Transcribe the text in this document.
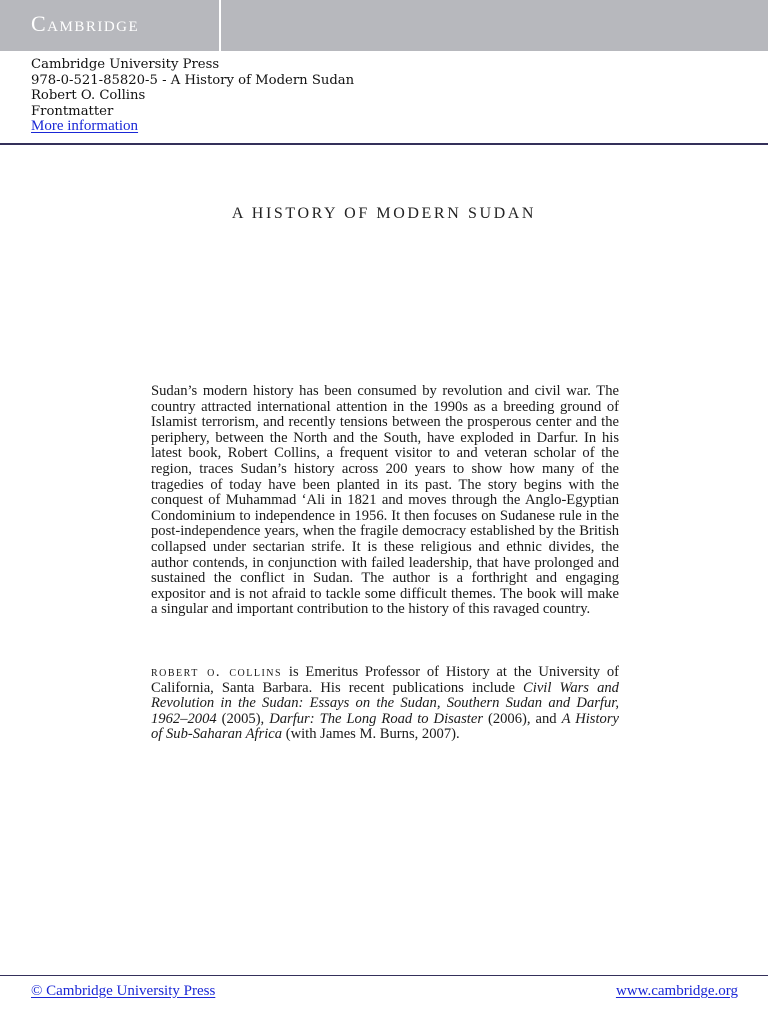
Cambridge
Cambridge University Press
978-0-521-85820-5 - A History of Modern Sudan
Robert O. Collins
Frontmatter
More information
A HISTORY OF MODERN SUDAN
Sudan’s modern history has been consumed by revolution and civil war. The country attracted international attention in the 1990s as a breeding ground of Islamist terrorism, and recently tensions between the prosperous center and the periphery, between the North and the South, have exploded in Darfur. In his latest book, Robert Collins, a frequent visitor to and veteran scholar of the region, traces Sudan’s history across 200 years to show how many of the tragedies of today have been planted in its past. The story begins with the conquest of Muhammad ‘Ali in 1821 and moves through the Anglo-Egyptian Condominium to independence in 1956. It then focuses on Sudanese rule in the post-independence years, when the fragile democracy established by the British collapsed under sectarian strife. It is these religious and ethnic divides, the author contends, in conjunction with failed leadership, that have prolonged and sustained the conflict in Sudan. The author is a forthright and engaging expositor and is not afraid to tackle some difficult themes. The book will make a singular and important contribution to the history of this ravaged country.
robert o. collins is Emeritus Professor of History at the University of California, Santa Barbara. His recent publications include Civil Wars and Revolution in the Sudan: Essays on the Sudan, Southern Sudan and Darfur, 1962–2004 (2005), Darfur: The Long Road to Disaster (2006), and A History of Sub-Saharan Africa (with James M. Burns, 2007).
© Cambridge University Press	www.cambridge.org
